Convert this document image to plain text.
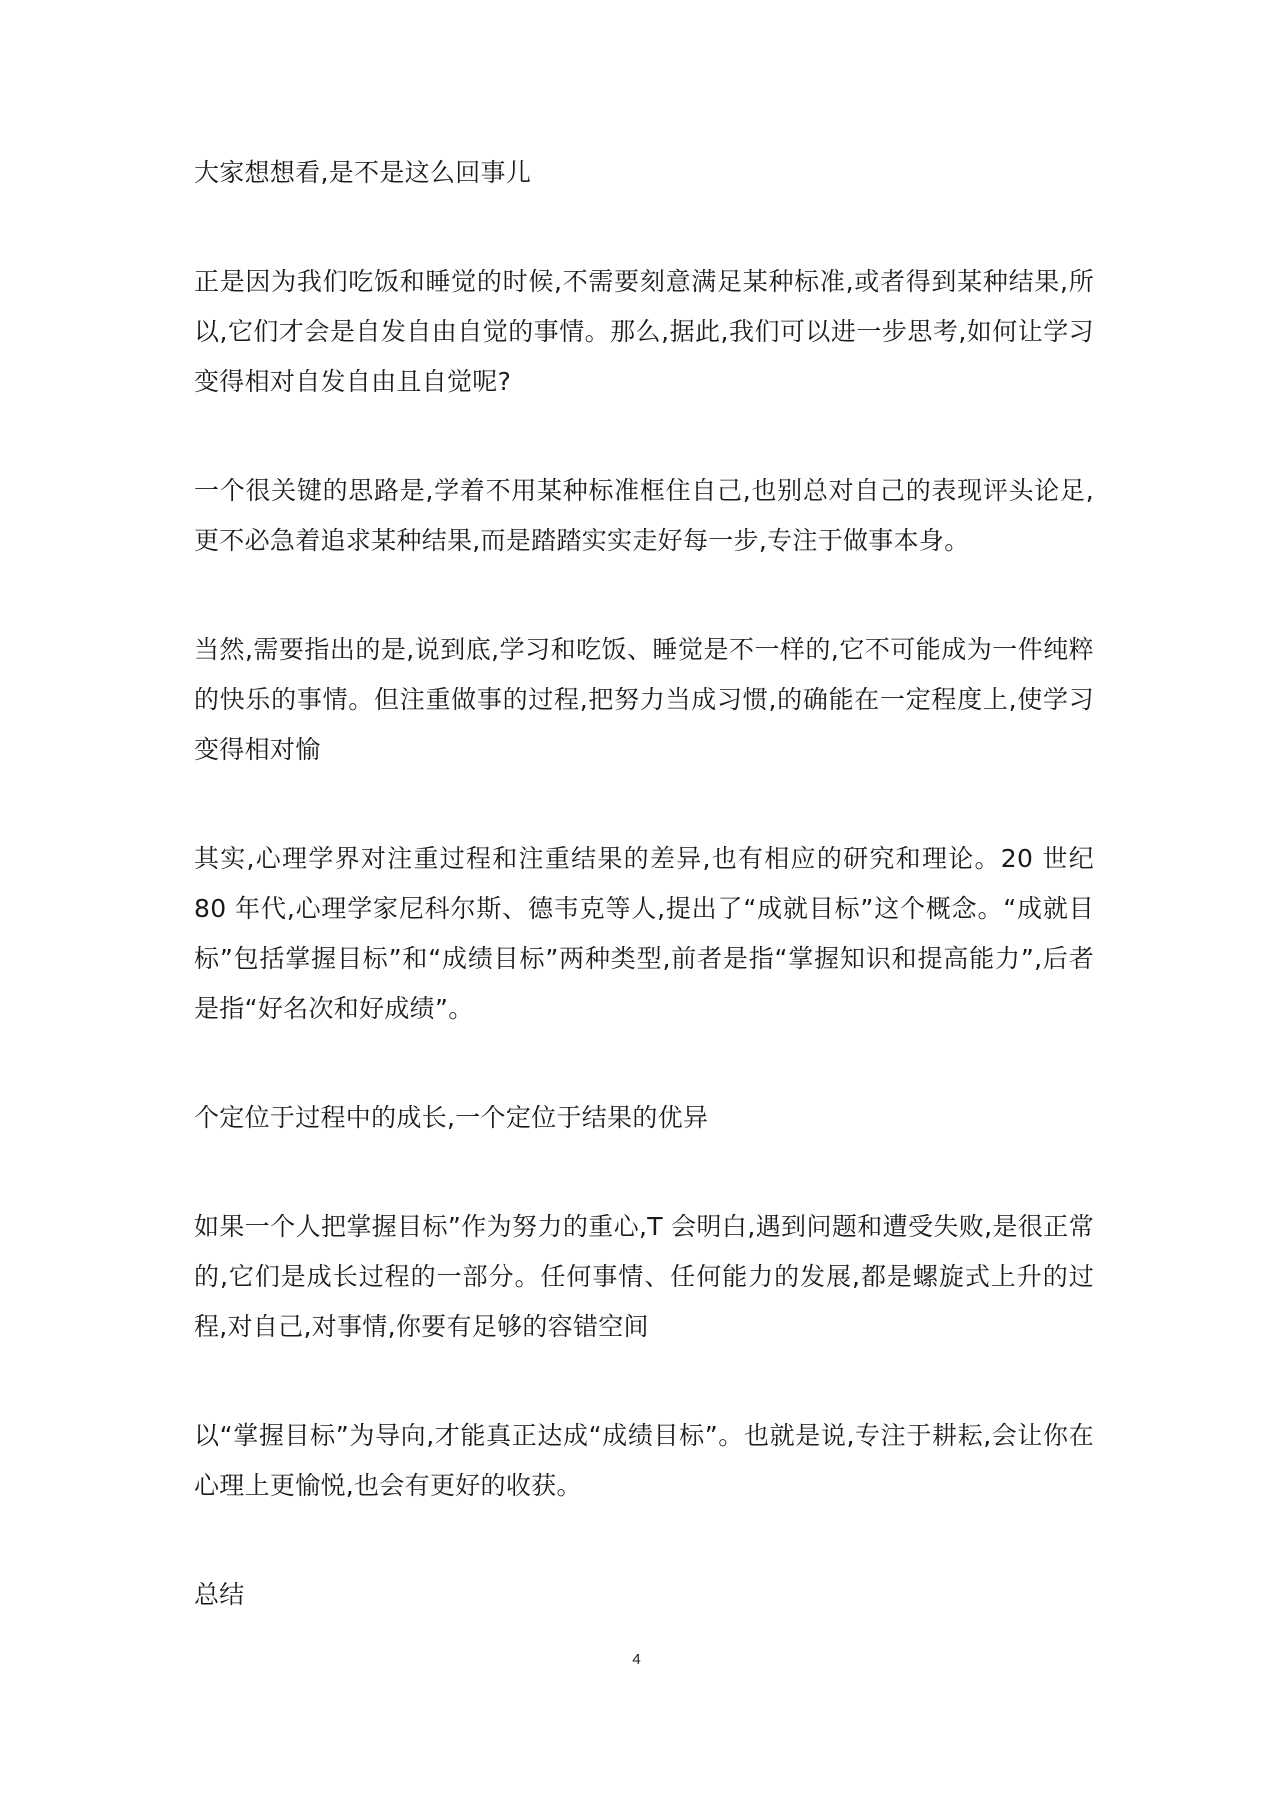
大家想想看,是不是这么回事儿

正是因为我们吃饭和睡觉的时候,不需要刻意满足某种标准,或者得到某种结果,所以,它们才会是自发自由自觉的事情。那么,据此,我们可以进一步思考,如何让学习变得相对自发自由且自觉呢?

一个很关键的思路是,学着不用某种标准框住自己,也别总对自己的表现评头论足,更不必急着追求某种结果,而是踏踏实实走好每一步,专注于做事本身。

当然,需要指出的是,说到底,学习和吃饭、睡觉是不一样的,它不可能成为一件纯粹的快乐的事情。但注重做事的过程,把努力当成习惯,的确能在一定程度上,使学习变得相对愉

其实,心理学界对注重过程和注重结果的差异,也有相应的研究和理论。20 世纪 80 年代,心理学家尼科尔斯、德韦克等人,提出了“成就目标”这个概念。“成就目标”包括掌握目标”和“成绩目标”两种类型,前者是指“掌握知识和提高能力”,后者是指“好名次和好成绩”。

个定位于过程中的成长,一个定位于结果的优异

如果一个人把掌握目标”作为努力的重心,T 会明白,遇到问题和遭受失败,是很正常的,它们是成长过程的一部分。任何事情、任何能力的发展,都是螺旋式上升的过程,对自己,对事情,你要有足够的容错空间

以“掌握目标”为导向,才能真正达成“成绩目标”。也就是说,专注于耕耘,会让你在心理上更愉悦,也会有更好的收获。

总结

4
